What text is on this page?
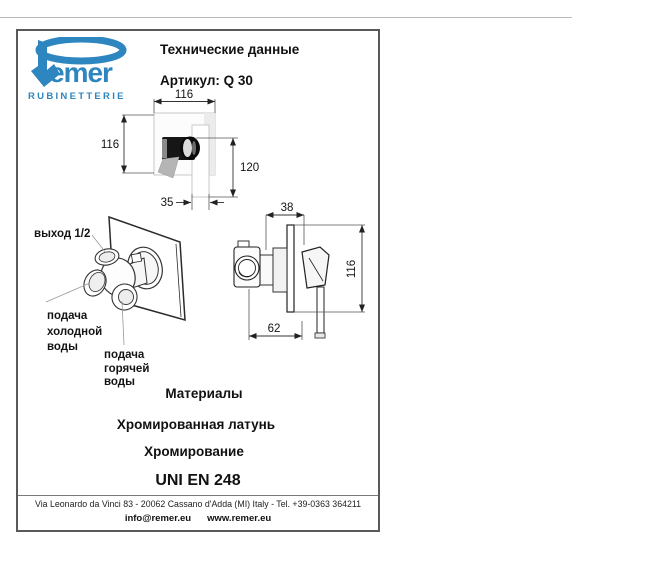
emer
RUBINETTERIE
Технические данные
Артикул: Q 30
116
116
120
35
выход 1/2
подача
холодной
воды
подача
горячей
воды
38
116
62
Материалы
Хромированная латунь
Хромирование
UNI EN 248
Via Leonardo da Vinci 83 - 20062 Cassano d'Adda (MI) Italy - Tel. +39-0363 364211
info@remer.eu www.remer.eu
